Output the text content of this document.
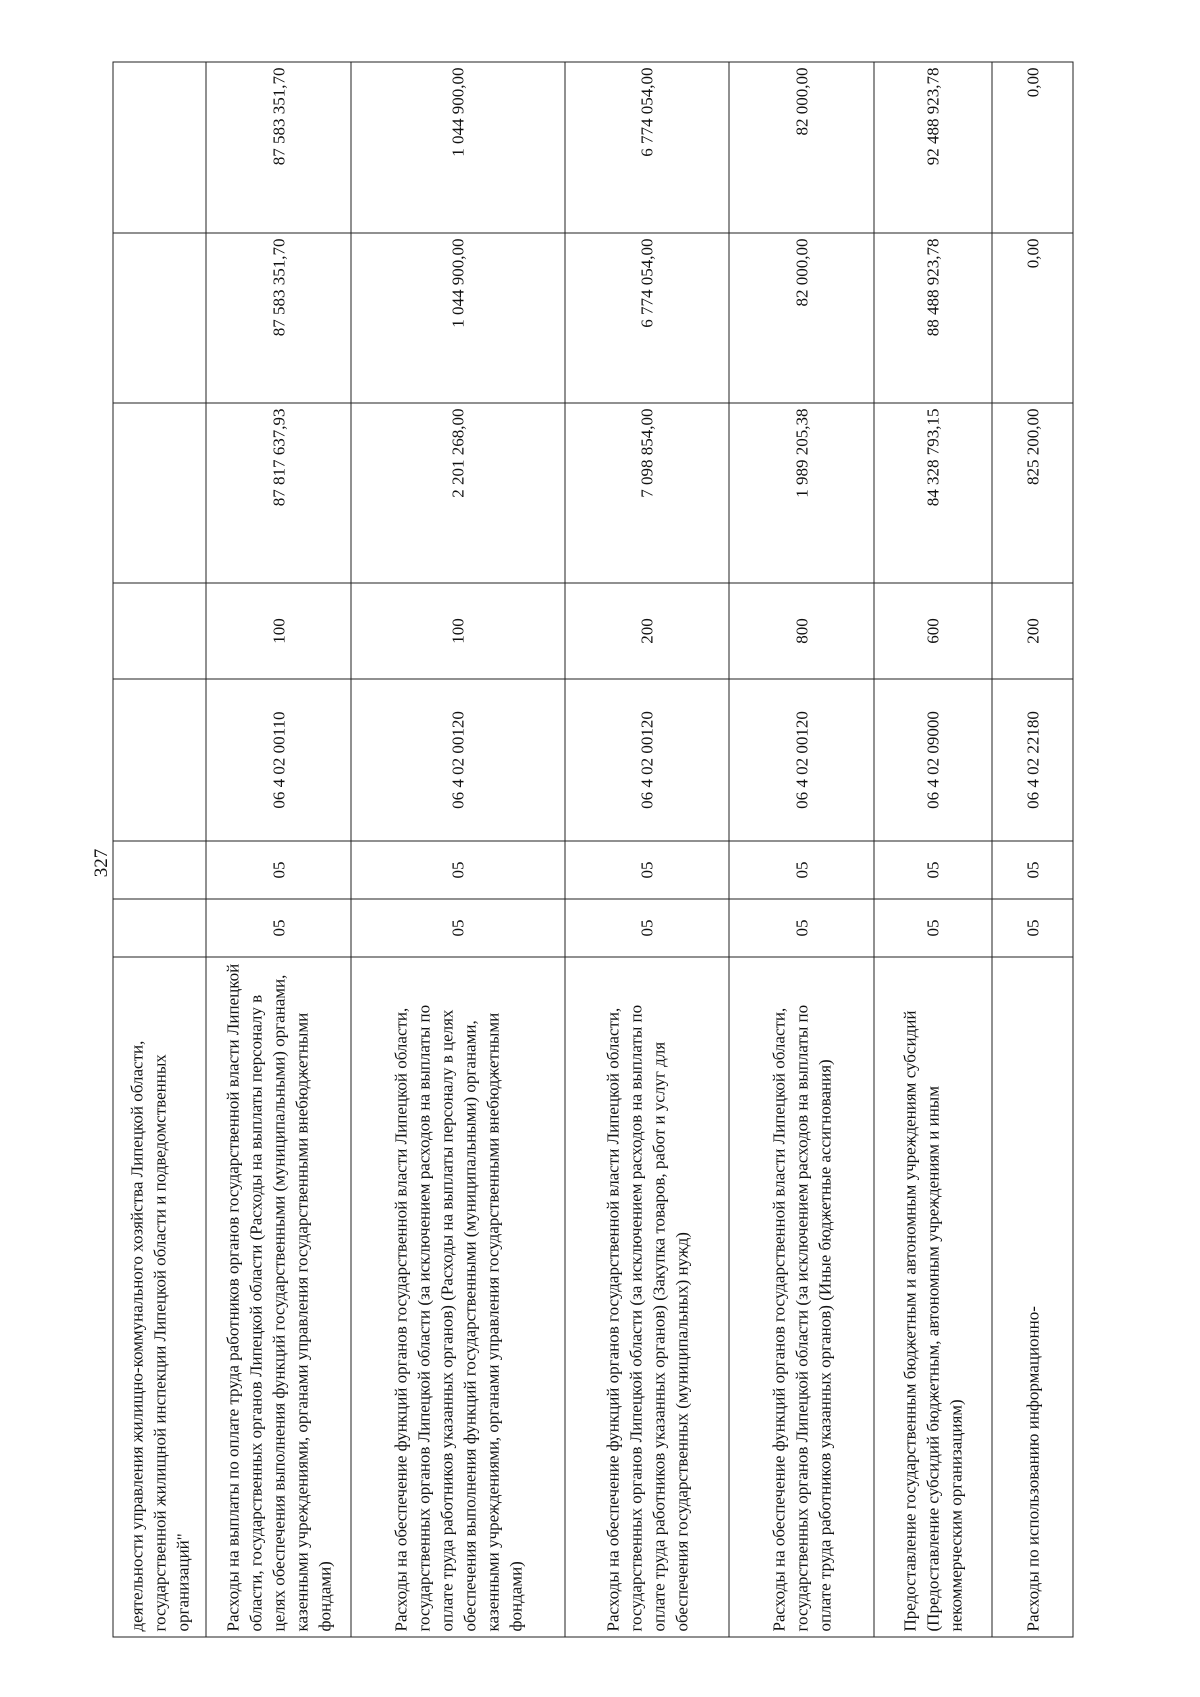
327
деятельности управления жилищно-коммунального хозяйства Липецкой области, государственной жилищной инспекции Липецкой области и подведомственных организаций"							
Расходы на выплаты по оплате труда работников органов государственной власти Липецкой области, государственных органов Липецкой области (Расходы на выплаты персоналу в целях обеспечения выполнения функций государственными (муниципальными) органами, казенными учреждениями, органами управления государственными внебюджетными фондами)	05	05	06 4 02 00110	100	87 817 637,93	87 583 351,70	87 583 351,70
Расходы на обеспечение функций органов государственной власти Липецкой области, государственных органов Липецкой области (за исключением расходов на выплаты по оплате труда работников указанных органов) (Расходы на выплаты персоналу в целях обеспечения выполнения функций государственными (муниципальными) органами, казенными учреждениями, органами управления государственными внебюджетными фондами)	05	05	06 4 02 00120	100	2 201 268,00	1 044 900,00	1 044 900,00
Расходы на обеспечение функций органов государственной власти Липецкой области, государственных органов Липецкой области (за исключением расходов на выплаты по оплате труда работников указанных органов) (Закупка товаров, работ и услуг для обеспечения государственных (муниципальных) нужд)	05	05	06 4 02 00120	200	7 098 854,00	6 774 054,00	6 774 054,00
Расходы на обеспечение функций органов государственной власти Липецкой области, государственных органов Липецкой области (за исключением расходов на выплаты по оплате труда работников указанных органов) (Иные бюджетные ассигнования)	05	05	06 4 02 00120	800	1 989 205,38	82 000,00	82 000,00
Предоставление государственным бюджетным и автономным учреждениям субсидий (Предоставление субсидий бюджетным, автономным учреждениям и иным некоммерческим организациям)	05	05	06 4 02 09000	600	84 328 793,15	88 488 923,78	92 488 923,78
Расходы по использованию информационно-	05	05	06 4 02 22180	200	825 200,00	0,00	0,00
